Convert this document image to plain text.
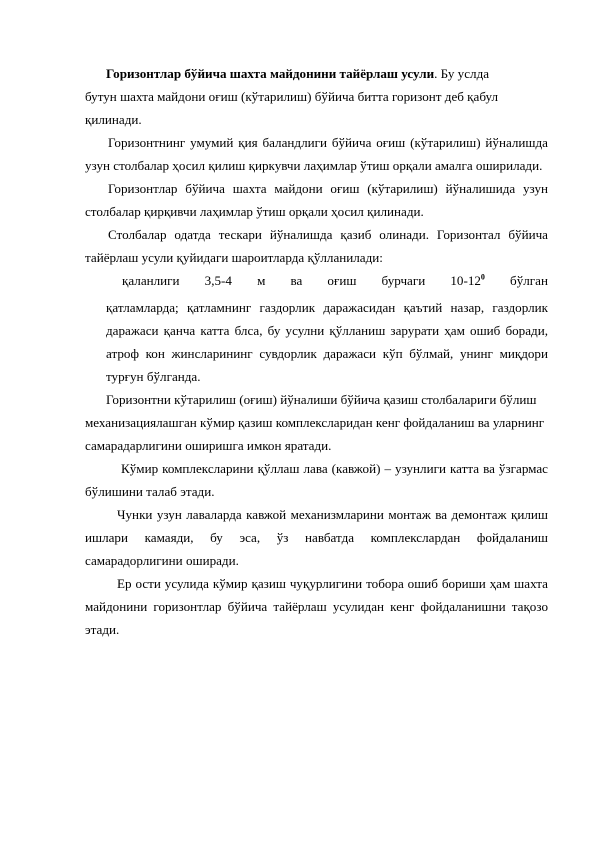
Горизонтлар бўйича шахта майдонини тайёрлаш усули. Бу услда бутун шахта майдони оғиш (кўтарилиш) бўйича битта горизонт деб қабул қилинади.

Горизонтнинг умумий қия баландлиги бўйича оғиш (кўтарилиш) йўналишда узун столбалар ҳосил қилиш қиркувчи лаҳимлар ўтиш орқали амалга оширилади.

Горизонтлар бўйича шахта майдони оғиш (кўтарилиш) йўналишида узун столбалар қирқивчи лаҳимлар ўтиш орқали ҳосил қилинади.

Столбалар одатда тескари йўналишда қазиб олинади. Горизонтал бўйича тайёрлаш усули қуйидаги шароитларда қўлланилади:

қаланлиги 3,5-4 м ва оғиш бурчаги $10-12^0$ бўлган

қатламларда; қатламнинг газдорлик даражасидан қаътий назар, газдорлик даражаси қанча катта блса, бу усулни қўлланиш зарурати ҳам ошиб боради, атроф кон жинсларининг сувдорлик даражаси кўп бўлмай, унинг миқдори турғун бўлганда.

Горизонтни кўтарилиш (оғиш) йўналиши бўйича қазиш столбалариги бўлиш механизациялашган кўмир қазиш комплексларидан кенг фойдаланиш ва уларнинг самарадарлигини оширишга имкон яратади.

Кўмир комплексларини қўллаш лава (кавжой) – узунлиги катта ва ўзгармас бўлишини талаб этади.

Чунки узун лаваларда кавжой механизмларини монтаж ва демонтаж қилиш ишлари камаяди, бу эса, ўз навбатда комплекслардан фойдаланиш самарадорлигини оширади.

Ер ости усулида кўмир қазиш чуқурлигини тобора ошиб бориши ҳам шахта майдонини горизонтлар бўйича тайёрлаш усулидан кенг фойдаланишни тақозо этади.
